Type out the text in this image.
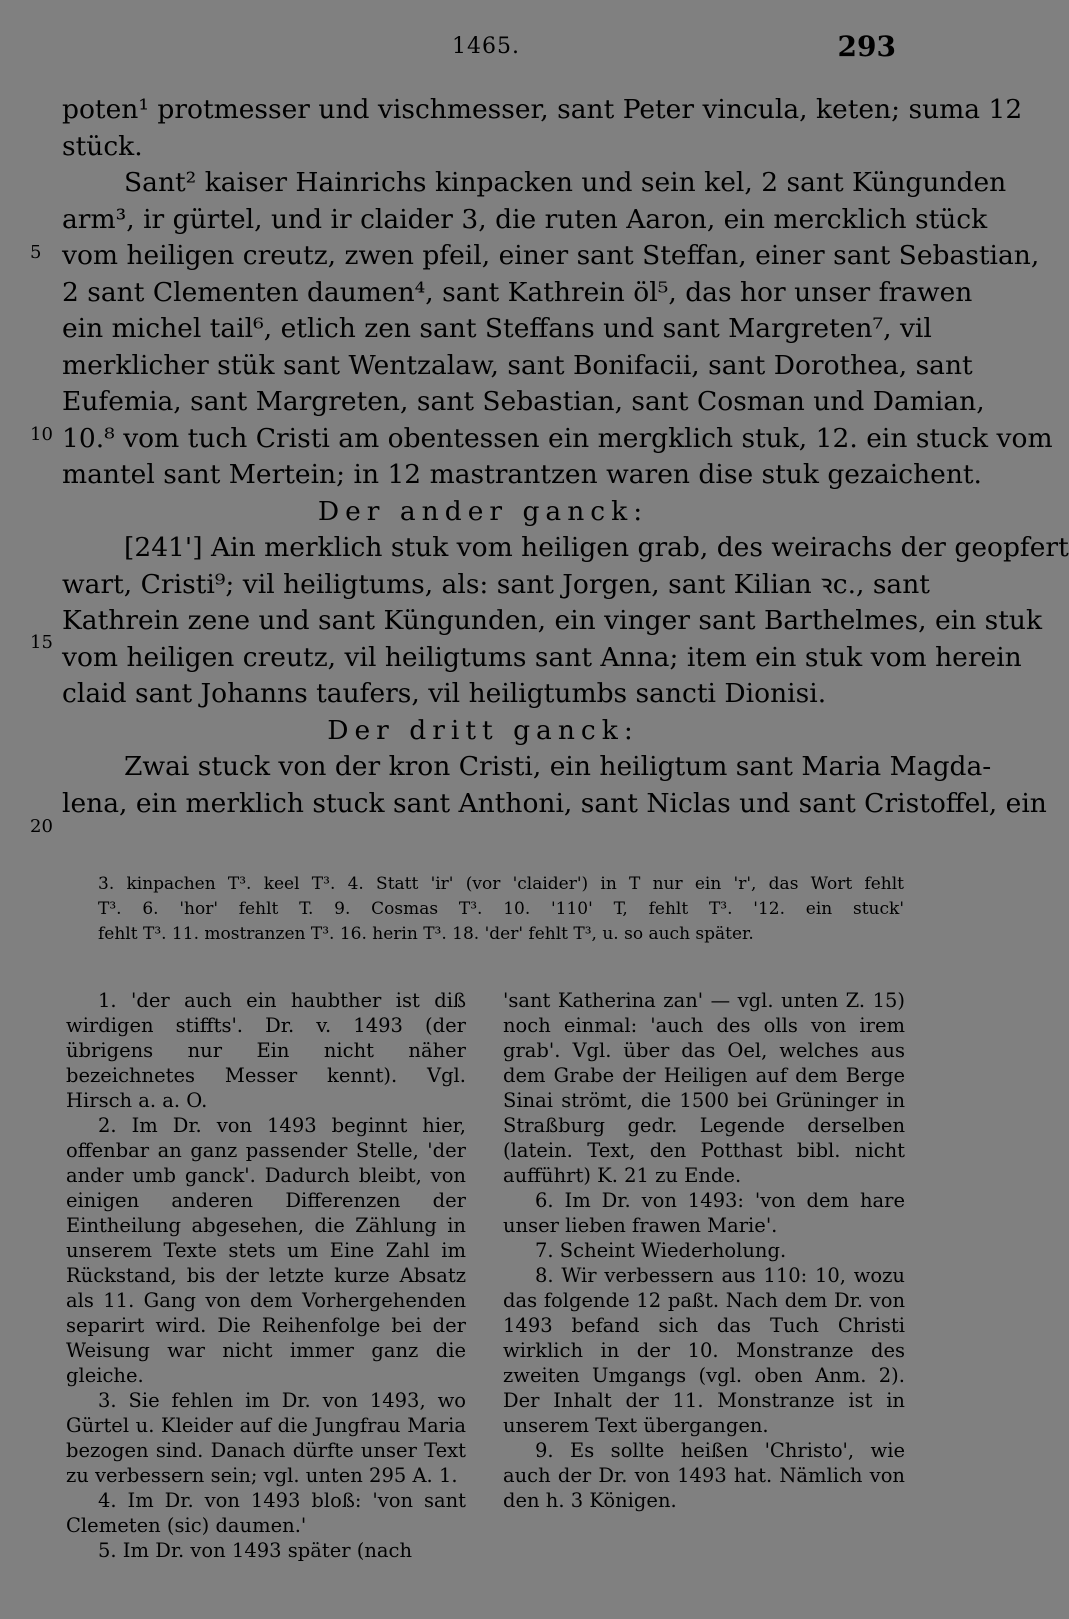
1465.	293
5
10
15
20
poten¹ protmesser und vischmesser, sant Peter vincula, keten; suma 12
stück.
Sant² kaiser Hainrichs kinpacken und sein kel, 2 sant Küngunden
arm³, ir gürtel, und ir claider 3, die ruten Aaron, ein mercklich stück
vom heiligen creutz, zwen pfeil, einer sant Steffan, einer sant Sebastian,
2 sant Clementen daumen⁴, sant Kathrein öl⁵, das hor unser frawen
ein michel tail⁶, etlich zen sant Steffans und sant Margreten⁷, vil
merklicher stük sant Wentzalaw, sant Bonifacii, sant Dorothea, sant
Eufemia, sant Margreten, sant Sebastian, sant Cosman und Damian,
10.⁸ vom tuch Cristi am obentessen ein mergklich stuk, 12. ein stuck vom
mantel sant Mertein; in 12 mastrantzen waren dise stuk gezaichent.
Der ander ganck:
[241'] Ain merklich stuk vom heiligen grab, des weirachs der geopfert
wart, Cristi⁹; vil heiligtums, als: sant Jorgen, sant Kilian ꝛc., sant
Kathrein zene und sant Küngunden, ein vinger sant Barthelmes, ein stuk
vom heiligen creutz, vil heiligtums sant Anna; item ein stuk vom herein
claid sant Johanns taufers, vil heiligtumbs sancti Dionisi.
Der dritt ganck:
Zwai stuck von der kron Cristi, ein heiligtum sant Maria Magda-
lena, ein merklich stuck sant Anthoni, sant Niclas und sant Cristoffel, ein
3. kinpachen T³. keel T³. 4. Statt 'ir' (vor 'claider') in T nur ein 'r', das Wort fehlt
T³. 6. 'hor' fehlt T. 9. Cosmas T³. 10. '110' T, fehlt T³. '12. ein stuck'
fehlt T³. 11. mostranzen T³. 16. herin T³. 18. 'der' fehlt T³, u. so auch später.

1. 'der auch ein haubther ist diß wirdigen stiffts'. Dr. v. 1493 (der übrigens nur Ein nicht näher bezeichnetes Messer kennt). Vgl. Hirsch a. a. O.

2. Im Dr. von 1493 beginnt hier, offenbar an ganz passender Stelle, 'der ander umb ganck'. Dadurch bleibt, von einigen anderen Differenzen der Eintheilung abgesehen, die Zählung in unserem Texte stets um Eine Zahl im Rückstand, bis der letzte kurze Absatz als 11. Gang von dem Vorhergehenden separirt wird. Die Reihenfolge bei der Weisung war nicht immer ganz die gleiche.

3. Sie fehlen im Dr. von 1493, wo Gürtel u. Kleider auf die Jungfrau Maria bezogen sind. Danach dürfte unser Text zu verbessern sein; vgl. unten 295 A. 1.

4. Im Dr. von 1493 bloß: 'von sant Clemeten (sic) daumen.'

5. Im Dr. von 1493 später (nach

'sant Katherina zan' — vgl. unten Z. 15) noch einmal: 'auch des olls von irem grab'. Vgl. über das Oel, welches aus dem Grabe der Heiligen auf dem Berge Sinai strömt, die 1500 bei Grüninger in Straßburg gedr. Legende derselben (latein. Text, den Potthast bibl. nicht aufführt) K. 21 zu Ende.

6. Im Dr. von 1493: 'von dem hare unser lieben frawen Marie'.

7. Scheint Wiederholung.

8. Wir verbessern aus 110: 10, wozu das folgende 12 paßt. Nach dem Dr. von 1493 befand sich das Tuch Christi wirklich in der 10. Monstranze des zweiten Umgangs (vgl. oben Anm. 2). Der Inhalt der 11. Monstranze ist in unserem Text übergangen.

9. Es sollte heißen 'Christo', wie auch der Dr. von 1493 hat. Nämlich von den h. 3 Königen.
